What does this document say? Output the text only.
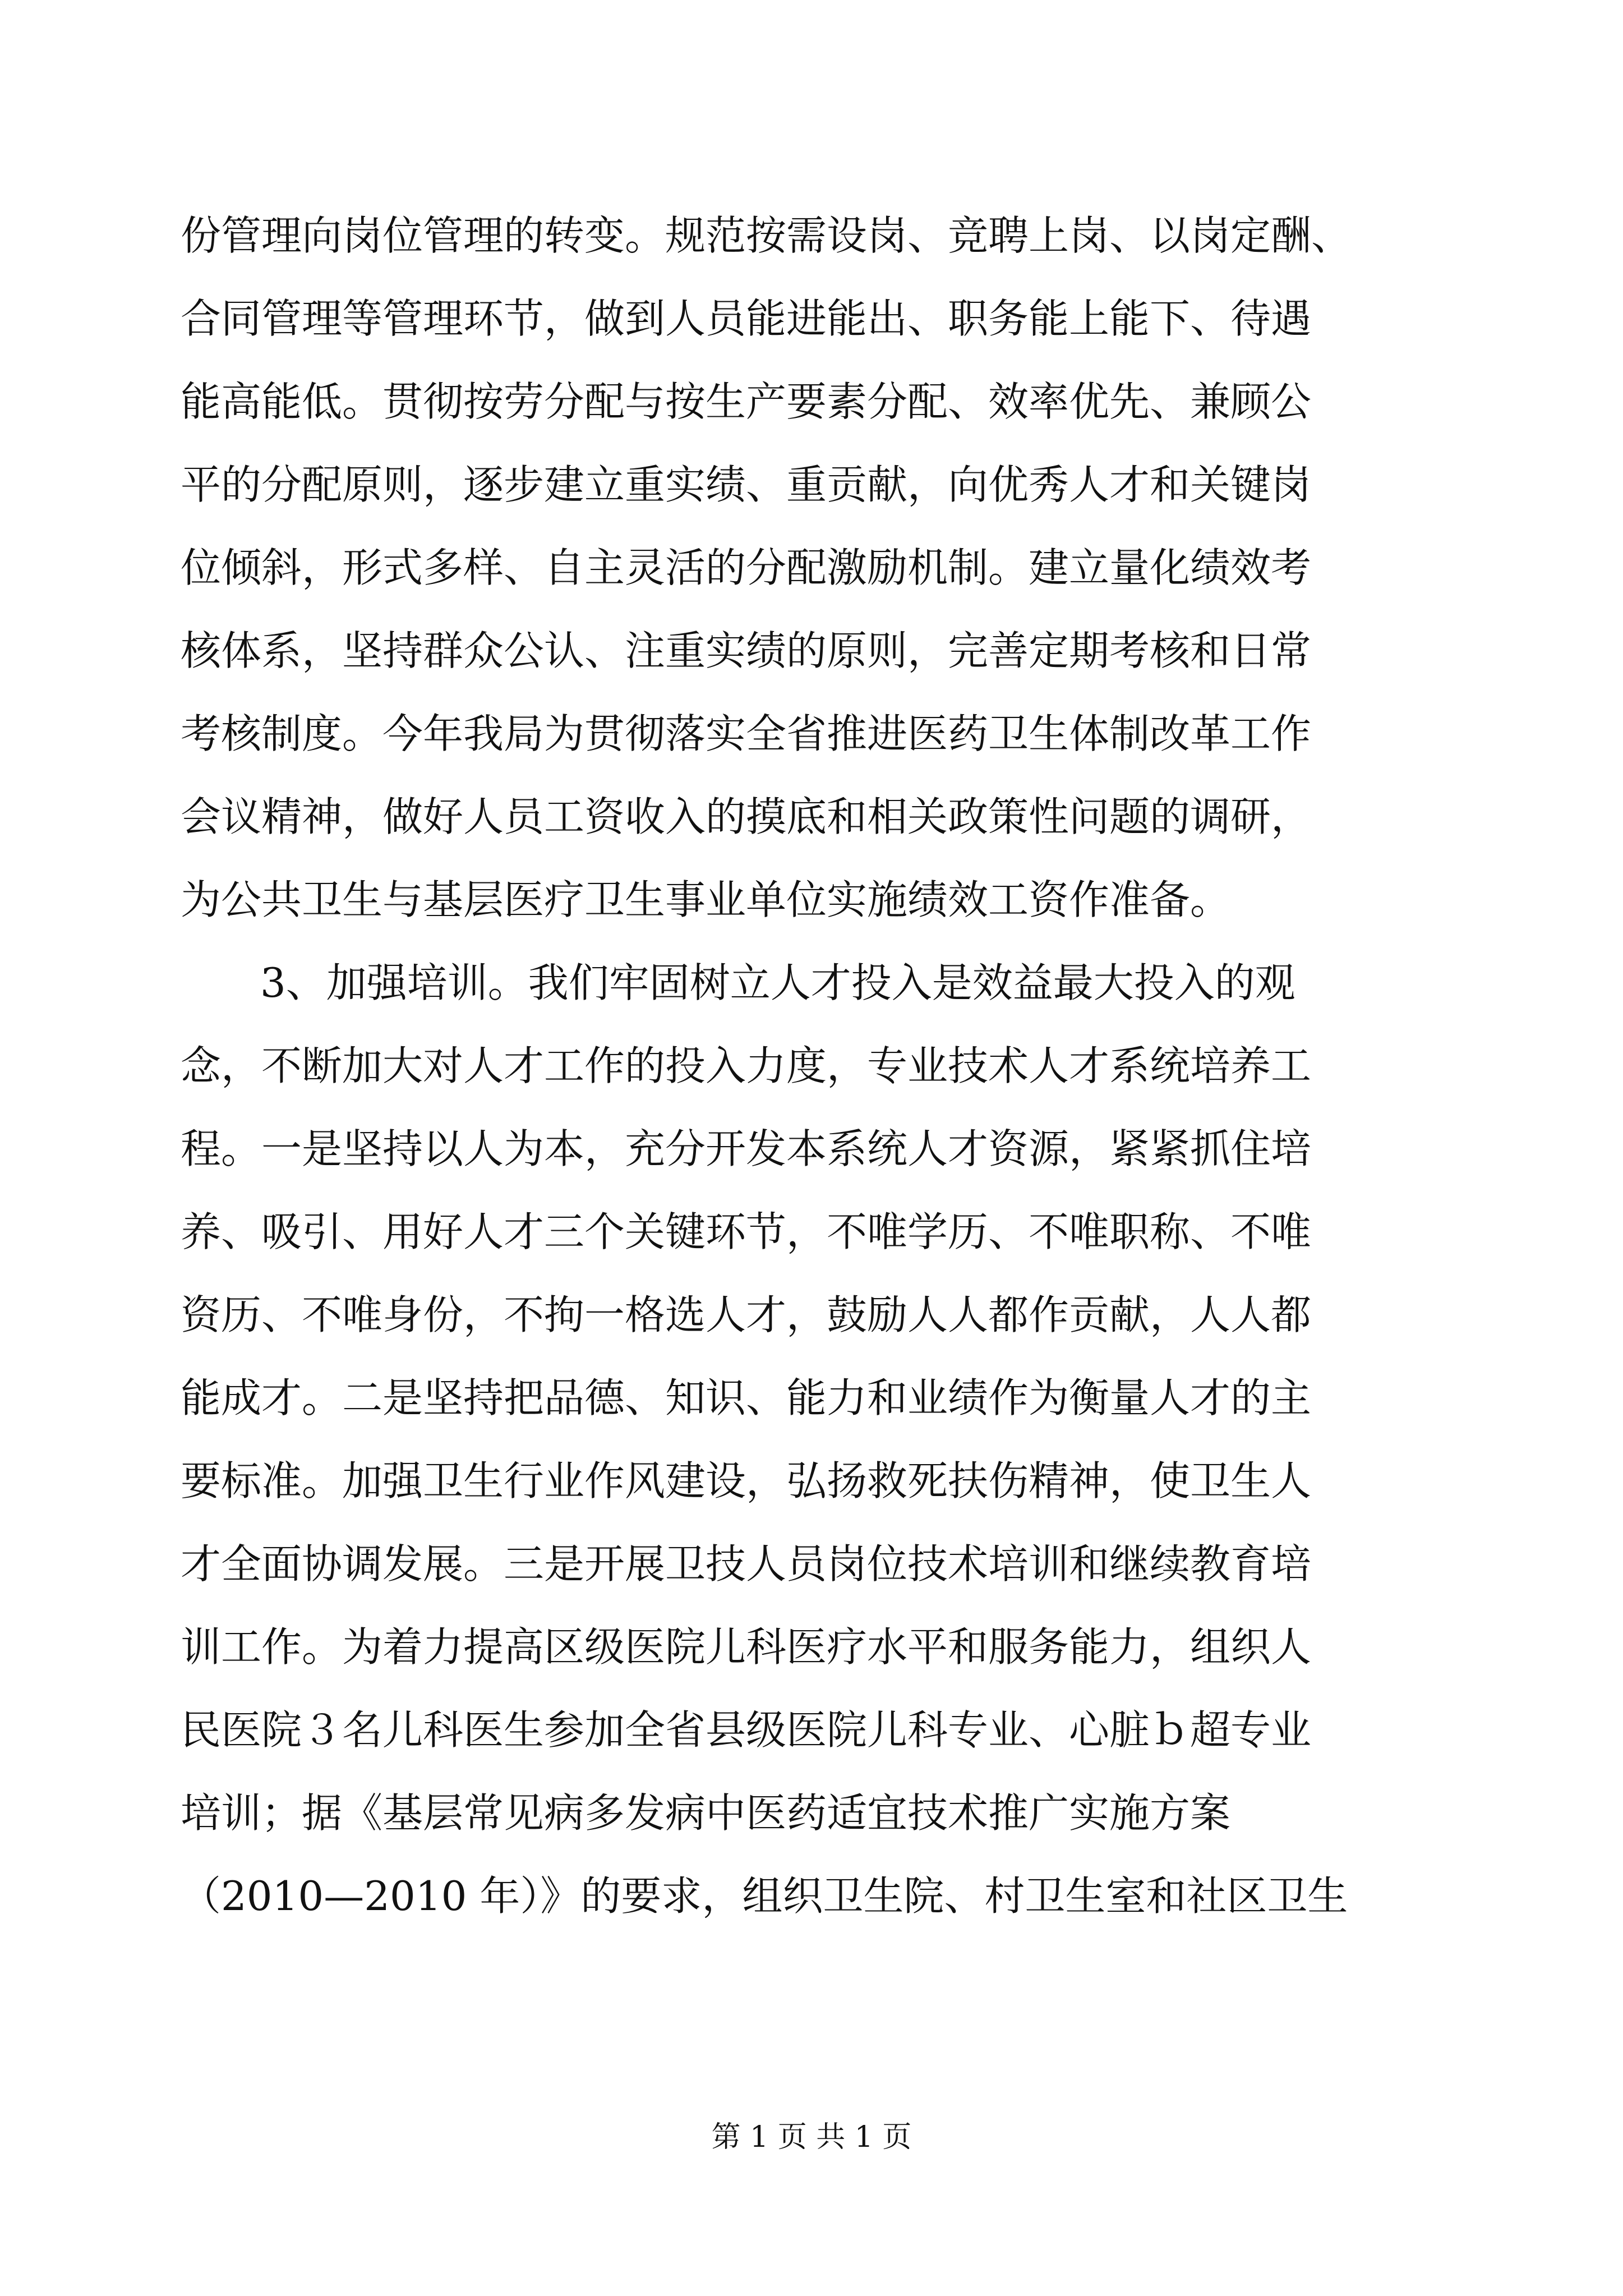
份管理向岗位管理的转变。规范按需设岗、竞聘上岗、以岗定酬、
合同管理等管理环节，做到人员能进能出、职务能上能下、待遇
能高能低。贯彻按劳分配与按生产要素分配、效率优先、兼顾公
平的分配原则，逐步建立重实绩、重贡献，向优秀人才和关键岗
位倾斜，形式多样、自主灵活的分配激励机制。建立量化绩效考
核体系，坚持群众公认、注重实绩的原则，完善定期考核和日常
考核制度。今年我局为贯彻落实全省推进医药卫生体制改革工作
会议精神，做好人员工资收入的摸底和相关政策性问题的调研，
为公共卫生与基层医疗卫生事业单位实施绩效工资作准备。
3、加强培训。我们牢固树立人才投入是效益最大投入的观
念，不断加大对人才工作的投入力度，专业技术人才系统培养工
程。一是坚持以人为本，充分开发本系统人才资源，紧紧抓住培
养、吸引、用好人才三个关键环节，不唯学历、不唯职称、不唯
资历、不唯身份，不拘一格选人才，鼓励人人都作贡献，人人都
能成才。二是坚持把品德、知识、能力和业绩作为衡量人才的主
要标准。加强卫生行业作风建设，弘扬救死扶伤精神，使卫生人
才全面协调发展。三是开展卫技人员岗位技术培训和继续教育培
训工作。为着力提高区级医院儿科医疗水平和服务能力，组织人
民医院３名儿科医生参加全省县级医院儿科专业、心脏ｂ超专业
培训；据《基层常见病多发病中医药适宜技术推广实施方案
（2010—2010 年）》的要求，组织卫生院、村卫生室和社区卫生
第 1 页 共 1 页
